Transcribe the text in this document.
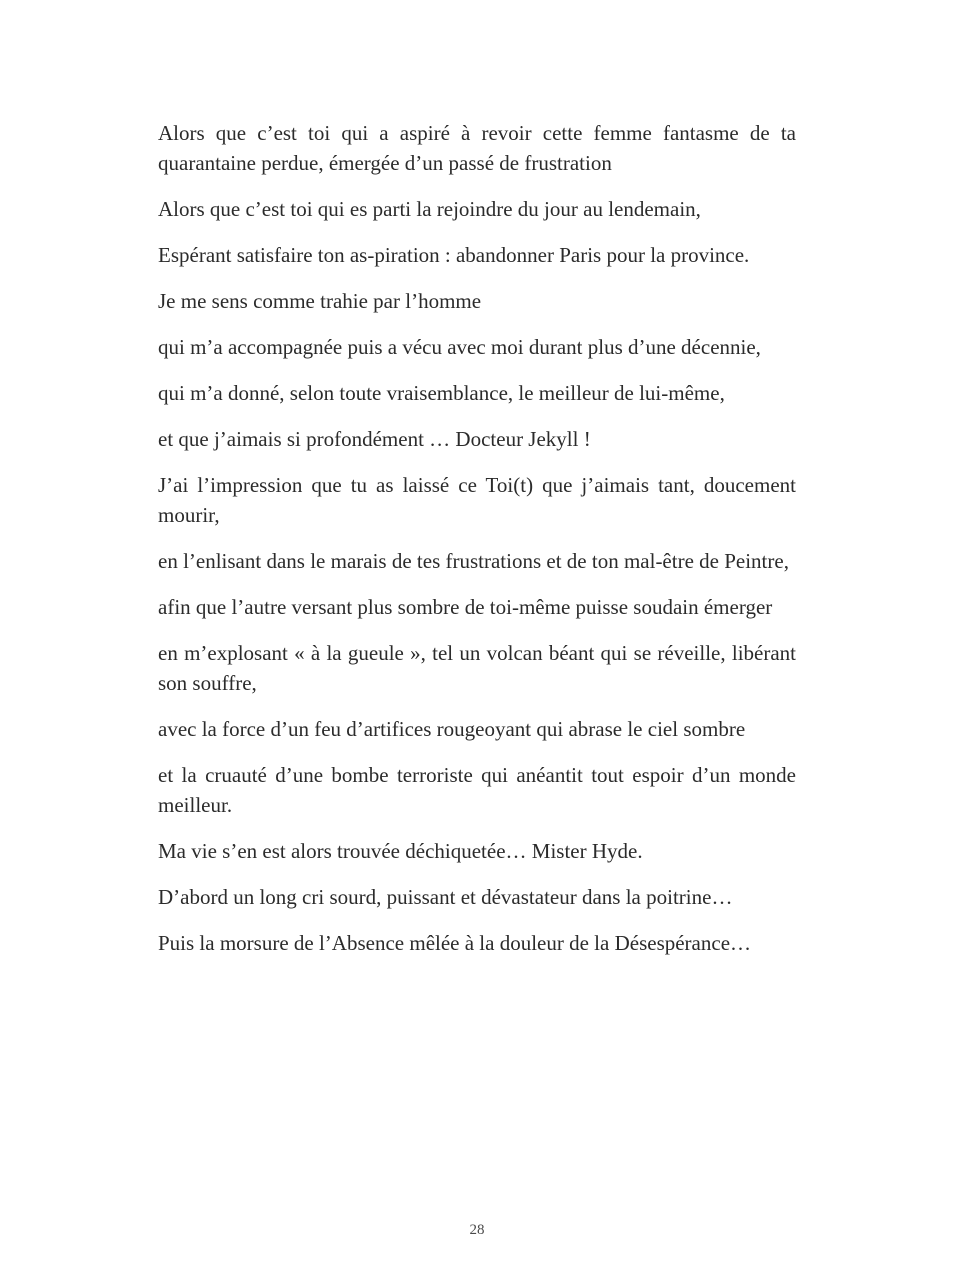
Alors que c’est toi qui a aspiré à revoir cette femme fantasme de ta quarantaine perdue, émergée d’un passé de frustration

Alors que c’est toi qui es parti la rejoindre du jour au lendemain,

Espérant satisfaire ton as-piration : abandonner Paris pour la province.

Je me sens comme trahie par l’homme

qui m’a accompagnée puis a vécu avec moi durant plus d’une décennie,

qui m’a donné, selon toute vraisemblance, le meilleur de lui-même,

et que j’aimais si profondément … Docteur Jekyll !

J’ai l’impression que tu as laissé ce Toi(t) que j’aimais tant, doucement mourir,

en l’enlisant dans le marais de tes frustrations et de ton mal-être de Peintre,

afin que l’autre versant plus sombre de toi-même puisse soudain émerger

en m’explosant « à la gueule », tel un volcan béant qui se réveille, libérant son souffre,

avec la force d’un feu d’artifices rougeoyant qui abrase le ciel sombre

et la cruauté d’une bombe terroriste qui anéantit tout espoir d’un monde meilleur.

Ma vie s’en est alors trouvée déchiquetée… Mister Hyde.

D’abord un long cri sourd, puissant et dévastateur dans la poitrine…

Puis la morsure de l’Absence mêlée à la douleur de la Désespérance…

28
